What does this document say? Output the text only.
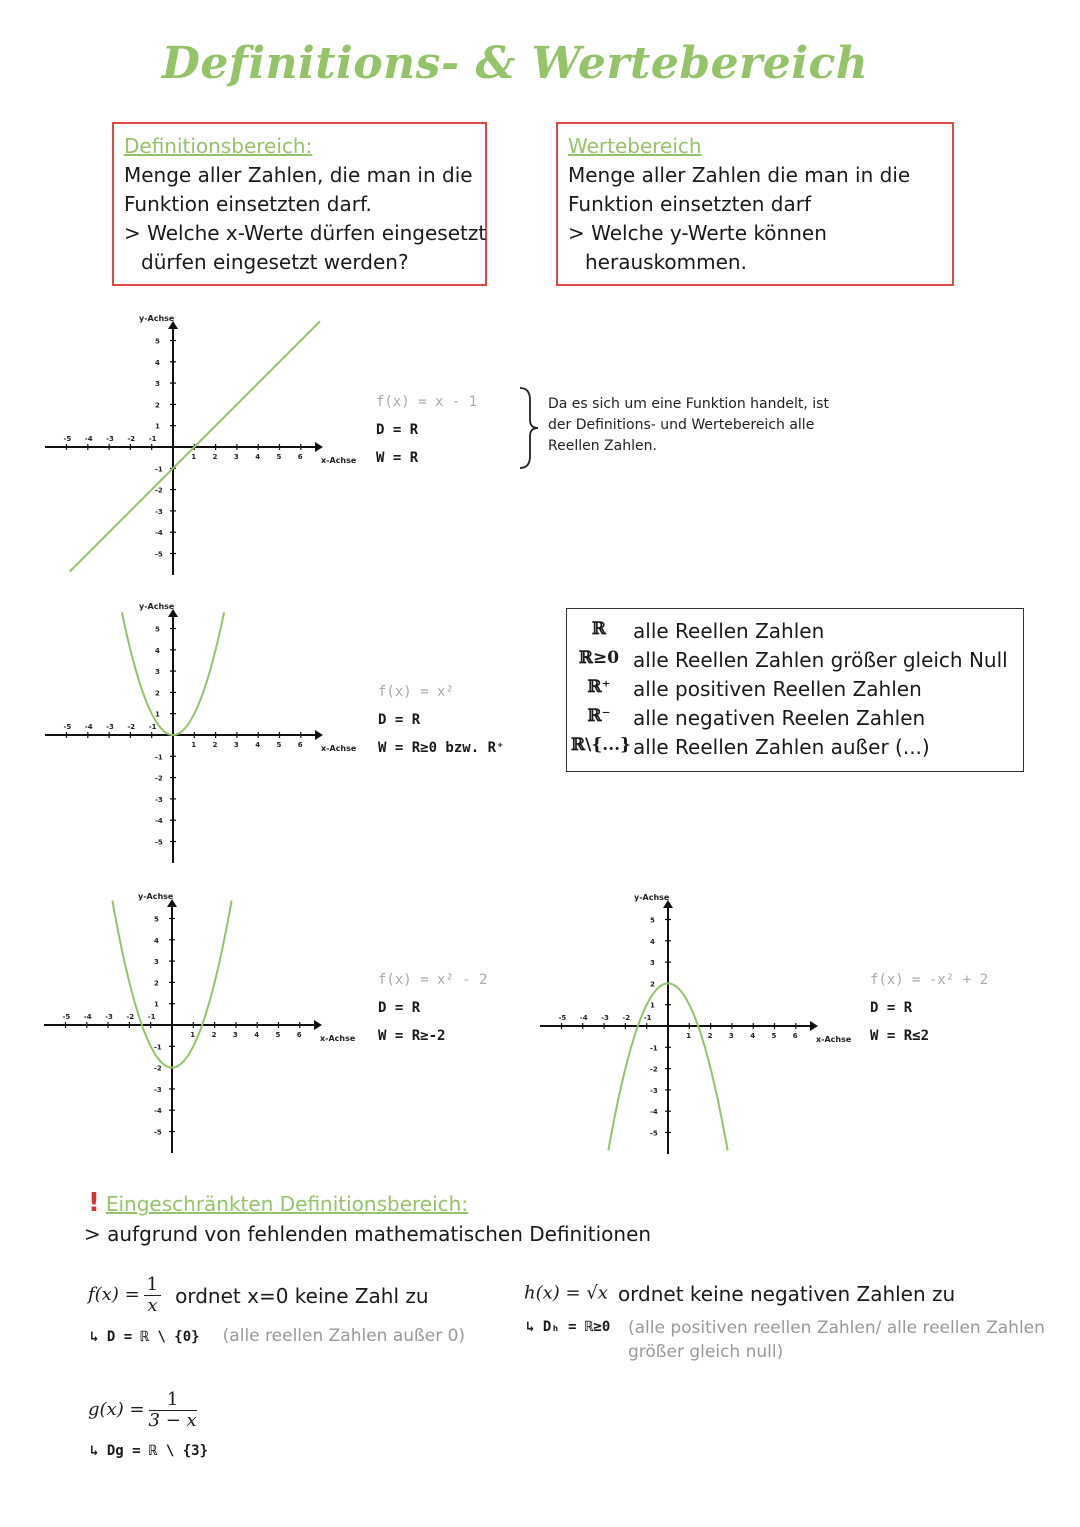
Definitions- & Wertebereich
Definitionsbereich:
Menge aller Zahlen, die man in die
Funktion einsetzten darf.
> Welche x-Werte dürfen eingesetzt
dürfen eingesetzt werden?
Wertebereich
Menge aller Zahlen die man in die
Funktion einsetzten darf
> Welche y-Werte können
herauskommen.
x-Achse
y-Achse
-5 -4 -3 -2 -1
1 2 3 4 5 6
5
4
3
2
1
-1
-2
-3
-4
-5
x-Achse
y-Achse
-5 -4 -3 -2 -1
1 2 3 4 5 6
5
4
3
2
1
-1
-2
-3
-4
-5
x-Achse
y-Achse
-5 -4 -3 -2 -1
1 2 3 4 5 6
5
4
3
2
1
-1
-2
-3
-4
-5
x-Achse
y-Achse
-5 -4 -3 -2 -1
1 2 3 4 5 6
5
4
3
2
1
-1
-2
-3
-4
-5
f(x) = x - 1
D = R
W = R
f(x) = x²
D = R
W = R≥0 bzw. R⁺
f(x) = x² - 2
D = R
W = R≥-2
f(x) = -x² + 2
D = R
W = R≤2
Da es sich um eine Funktion handelt, ist
der Definitions- und Wertebereich alle
Reellen Zahlen.
ℝ	alle Reellen Zahlen
ℝ≥0 alle Reellen Zahlen größer gleich Null
ℝ⁺	alle positiven Reellen Zahlen
ℝ⁻	alle negativen Reelen Zahlen
ℝ\{...} alle Reellen Zahlen außer (...)
! Eingeschränkten Definitionsbereich:
> aufgrund von fehlenden mathematischen Definitionen
$f(x) = \frac{1}{x}$ ordnet x=0 keine Zahl zu
↳ D = ℝ \ {0} (alle reellen Zahlen außer 0)
h(x) = √x ordnet keine negativen Zahlen zu
↳ Dₕ = ℝ≥0 (alle positiven reellen Zahlen/ alle reellen Zahlen
größer gleich null)
$g(x) = \frac{1}{3 - x}$
↳ Dg = ℝ \ {3}
